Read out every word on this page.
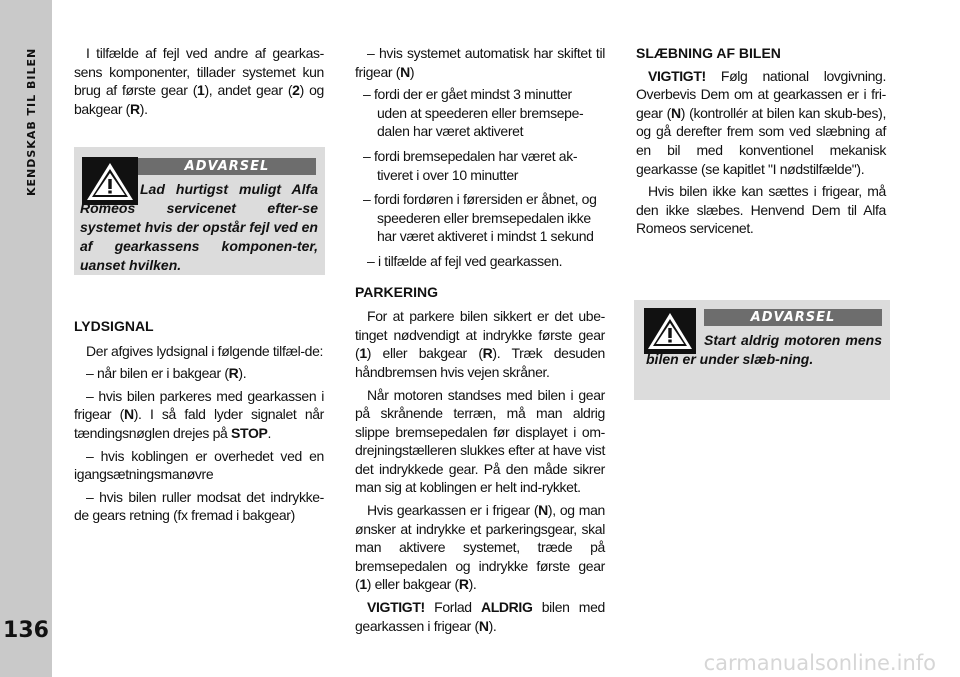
KENDSKAB TIL BILEN
136

I tilfælde af fejl ved andre af gearkas-sens komponenter, tillader systemet kun brug af første gear (1), andet gear (2) og bakgear (R).

ADVARSEL
Lad hurtigst muligt Alfa Romeos servicenet efter-se systemet hvis der opstår fejl ved en af gearkassens komponen-ter, uanset hvilken.
LYDSIGNAL

Der afgives lydsignal i følgende tilfæl-de:

– når bilen er i bakgear (R).

– hvis bilen parkeres med gearkassen i frigear (N). I så fald lyder signalet når tændingsnøglen drejes på STOP.

– hvis koblingen er overhedet ved en igangsætningsmanøvre

– hvis bilen ruller modsat det indrykke-de gears retning (fx fremad i bakgear)

– hvis systemet automatisk har skiftet til frigear (N)

– fordi der er gået mindst 3 minutter uden at speederen eller bremsepe-dalen har været aktiveret

– fordi bremsepedalen har været ak-tiveret i over 10 minutter

– fordi fordøren i førersiden er åbnet, og speederen eller bremsepedalen ikke har været aktiveret i mindst 1 sekund

– i tilfælde af fejl ved gearkassen.

PARKERING

For at parkere bilen sikkert er det ube-tinget nødvendigt at indrykke første gear (1) eller bakgear (R). Træk desuden håndbremsen hvis vejen skråner.

Når motoren standses med bilen i gear på skrånende terræn, må man aldrig slippe bremsepedalen før displayet i om-drejningstælleren slukkes efter at have vist det indrykkede gear. På den måde sikrer man sig at koblingen er helt ind-rykket.

Hvis gearkassen er i frigear (N), og man ønsker at indrykke et parkeringsgear, skal man aktivere systemet, træde på bremsepedalen og indrykke første gear (1) eller bakgear (R).

VIGTIGT! Forlad ALDRIG bilen med gearkassen i frigear (N).

SLÆBNING AF BILEN

VIGTIGT! Følg national lovgivning. Overbevis Dem om at gearkassen er i fri-gear (N) (kontrollér at bilen kan skub-bes), og gå derefter frem som ved slæbning af en bil med konventionel mekanisk gearkasse (se kapitlet "I nødstilfælde").

Hvis bilen ikke kan sættes i frigear, må den ikke slæbes. Henvend Dem til Alfa Romeos servicenet.

ADVARSEL
Start aldrig motoren mens bilen er under slæb-ning.
carmanualsonline.info
